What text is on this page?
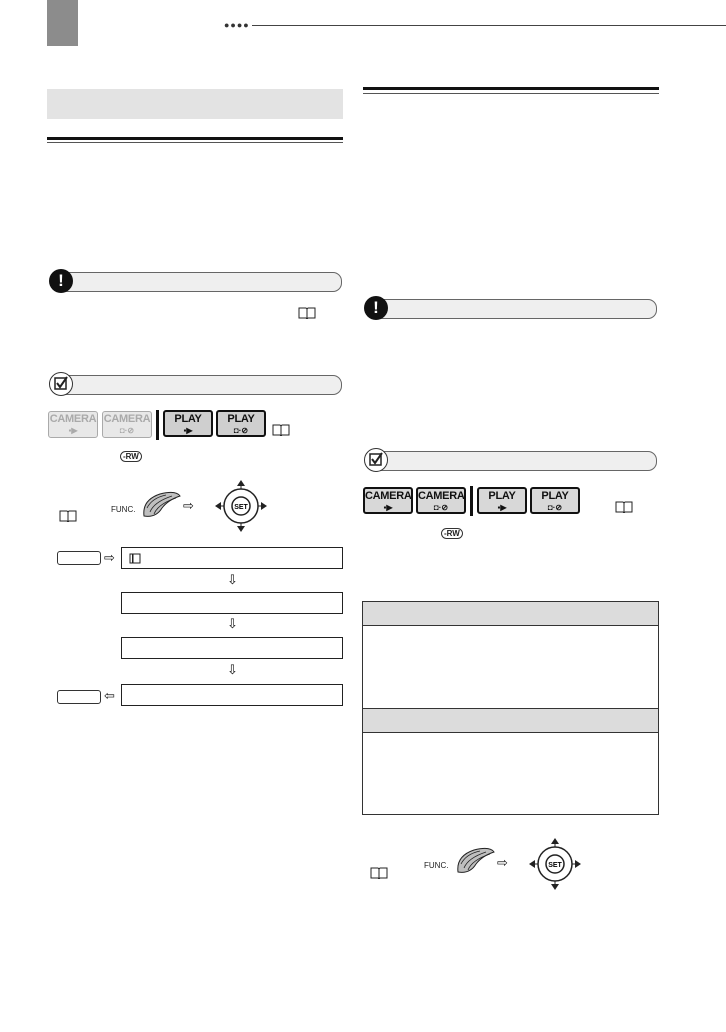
●●●●
!
CAMERA
▪▶
CAMERA
◘·⊘
PLAY
▪▶
PLAY
◘·⊘
-RW
FUNC.	⇨	SET
⇨
⇩
⇩
⇩
⇦
!
CAMERA
▪▶
CAMERA
◘·⊘
PLAY
▪▶
PLAY
◘·⊘
-RW
FUNC.	⇨	SET
